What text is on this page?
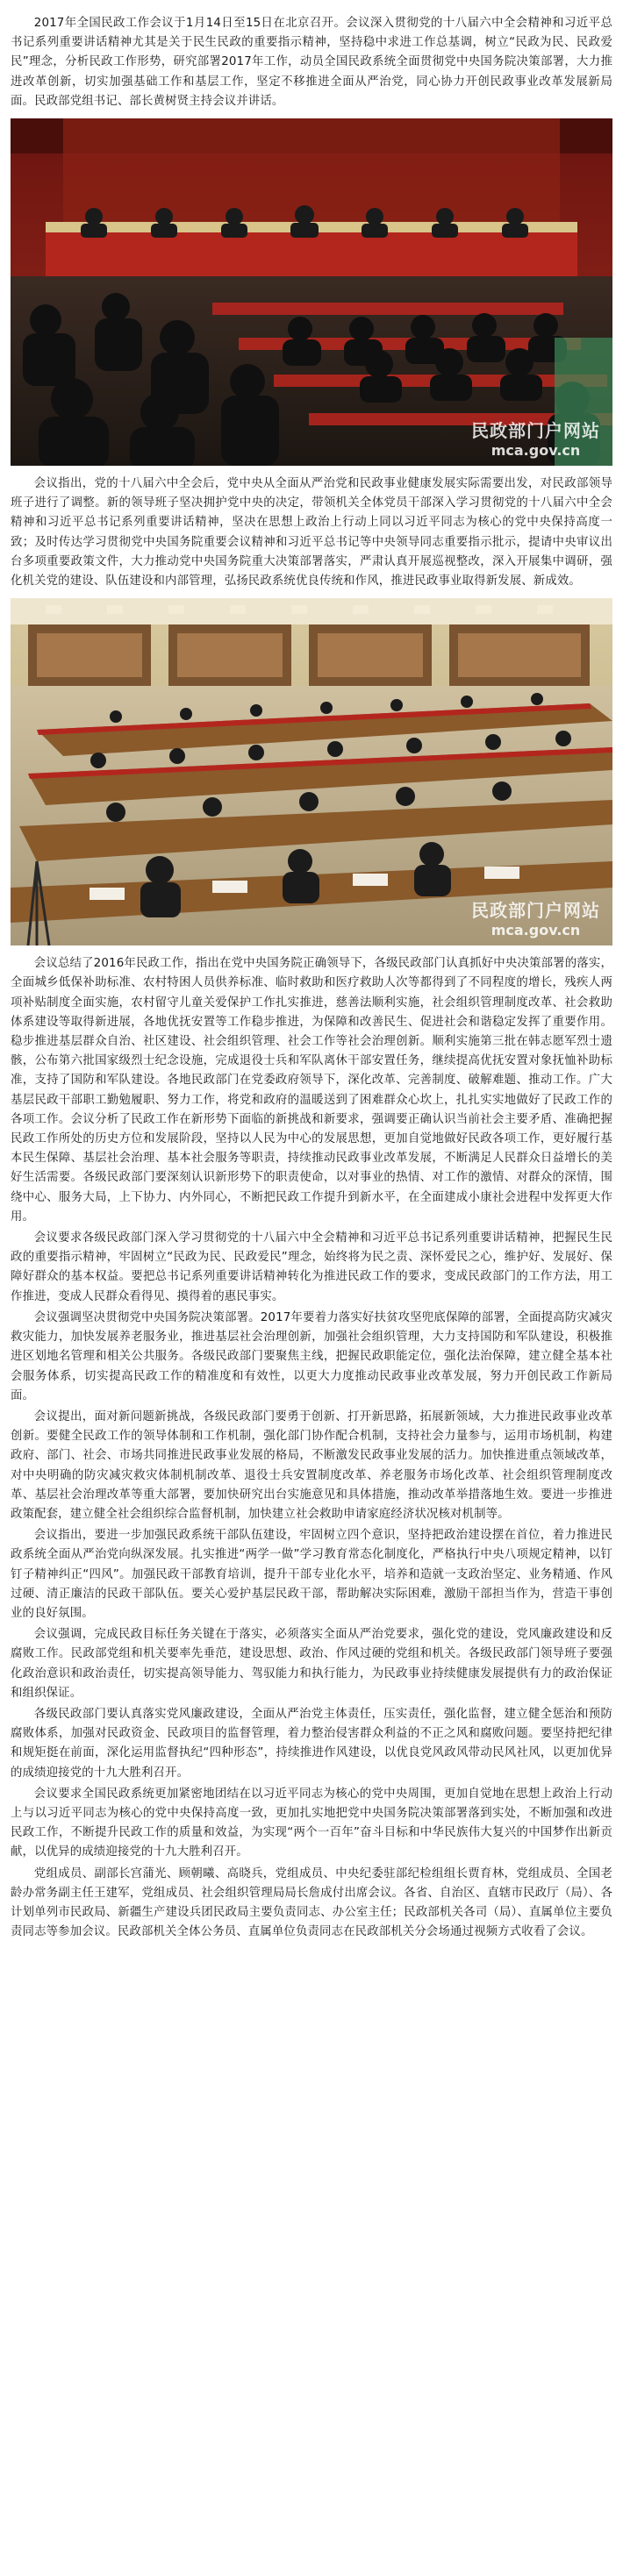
2017年全国民政工作会议于1月14日至15日在北京召开。会议深入贯彻党的十八届六中全会精神和习近平总书记系列重要讲话精神尤其是关于民生民政的重要指示精神，坚持稳中求进工作总基调，树立“民政为民、民政爱民”理念，分析民政工作形势，研究部署2017年工作，动员全国民政系统全面贯彻党中央国务院决策部署，大力推进改革创新，切实加强基础工作和基层工作，坚定不移推进全面从严治党，同心协力开创民政事业改革发展新局面。民政部党组书记、部长黄树贤主持会议并讲话。

民政部门户网站
mca.gov.cn

会议指出，党的十八届六中全会后，党中央从全面从严治党和民政事业健康发展实际需要出发，对民政部领导班子进行了调整。新的领导班子坚决拥护党中央的决定，带领机关全体党员干部深入学习贯彻党的十八届六中全会精神和习近平总书记系列重要讲话精神，坚决在思想上政治上行动上同以习近平同志为核心的党中央保持高度一致；及时传达学习贯彻党中央国务院重要会议精神和习近平总书记等中央领导同志重要指示批示，提请中央审议出台多项重要政策文件，大力推动党中央国务院重大决策部署落实，严肃认真开展巡视整改，深入开展集中调研，强化机关党的建设、队伍建设和内部管理，弘扬民政系统优良传统和作风，推进民政事业取得新发展、新成效。

民政部门户网站
mca.gov.cn

会议总结了2016年民政工作，指出在党中央国务院正确领导下，各级民政部门认真抓好中央决策部署的落实，全面城乡低保补助标准、农村特困人员供养标准、临时救助和医疗救助人次等都得到了不同程度的增长，残疾人两项补贴制度全面实施，农村留守儿童关爱保护工作扎实推进，慈善法顺利实施，社会组织管理制度改革、社会救助体系建设等取得新进展，各地优抚安置等工作稳步推进，为保障和改善民生、促进社会和谐稳定发挥了重要作用。稳步推进基层群众自治、社区建设、社会组织管理、社会工作等社会治理创新。顺利实施第三批在韩志愿军烈士遗骸，公布第六批国家级烈士纪念设施，完成退役士兵和军队离休干部安置任务，继续提高优抚安置对象抚恤补助标准，支持了国防和军队建设。各地民政部门在党委政府领导下，深化改革、完善制度、破解难题、推动工作。广大基层民政干部职工勤勉履职、努力工作，将党和政府的温暖送到了困难群众心坎上，扎扎实实地做好了民政工作的各项工作。会议分析了民政工作在新形势下面临的新挑战和新要求，强调要正确认识当前社会主要矛盾、准确把握民政工作所处的历史方位和发展阶段，坚持以人民为中心的发展思想，更加自觉地做好民政各项工作，更好履行基本民生保障、基层社会治理、基本社会服务等职责，持续推动民政事业改革发展，不断满足人民群众日益增长的美好生活需要。各级民政部门要深刻认识新形势下的职责使命，以对事业的热情、对工作的激情、对群众的深情，围绕中心、服务大局，上下协力、内外同心，不断把民政工作提升到新水平，在全面建成小康社会进程中发挥更大作用。

会议要求各级民政部门深入学习贯彻党的十八届六中全会精神和习近平总书记系列重要讲话精神，把握民生民政的重要指示精神，牢固树立“民政为民、民政爱民”理念，始终将为民之责、深怀爱民之心，维护好、发展好、保障好群众的基本权益。要把总书记系列重要讲话精神转化为推进民政工作的要求，变成民政部门的工作方法，用工作推进，变成人民群众看得见、摸得着的惠民事实。

会议强调坚决贯彻党中央国务院决策部署。2017年要着力落实好扶贫攻坚兜底保障的部署，全面提高防灾减灾救灾能力，加快发展养老服务业，推进基层社会治理创新，加强社会组织管理，大力支持国防和军队建设，积极推进区划地名管理和相关公共服务。各级民政部门要聚焦主线，把握民政职能定位，强化法治保障，建立健全基本社会服务体系，切实提高民政工作的精准度和有效性，以更大力度推动民政事业改革发展，努力开创民政工作新局面。

会议提出，面对新问题新挑战，各级民政部门要勇于创新、打开新思路，拓展新领域，大力推进民政事业改革创新。要健全民政工作的领导体制和工作机制，强化部门协作配合机制，支持社会力量参与，运用市场机制，构建政府、部门、社会、市场共同推进民政事业发展的格局，不断激发民政事业发展的活力。加快推进重点领域改革，对中央明确的防灾减灾救灾体制机制改革、退役士兵安置制度改革、养老服务市场化改革、社会组织管理制度改革、基层社会治理改革等重大部署，要加快研究出台实施意见和具体措施，推动改革举措落地生效。要进一步推进政策配套，建立健全社会组织综合监督机制，加快建立社会救助申请家庭经济状况核对机制等。

会议指出，要进一步加强民政系统干部队伍建设，牢固树立四个意识，坚持把政治建设摆在首位，着力推进民政系统全面从严治党向纵深发展。扎实推进“两学一做”学习教育常态化制度化，严格执行中央八项规定精神，以钉钉子精神纠正“四风”。加强民政干部教育培训，提升干部专业化水平，培养和造就一支政治坚定、业务精通、作风过硬、清正廉洁的民政干部队伍。要关心爱护基层民政干部，帮助解决实际困难，激励干部担当作为，营造干事创业的良好氛围。

会议强调，完成民政目标任务关键在于落实，必须落实全面从严治党要求，强化党的建设，党风廉政建设和反腐败工作。民政部党组和机关要率先垂范，建设思想、政治、作风过硬的党组和机关。各级民政部门领导班子要强化政治意识和政治责任，切实提高领导能力、驾驭能力和执行能力，为民政事业持续健康发展提供有力的政治保证和组织保证。

各级民政部门要认真落实党风廉政建设，全面从严治党主体责任，压实责任，强化监督，建立健全惩治和预防腐败体系，加强对民政资金、民政项目的监督管理，着力整治侵害群众利益的不正之风和腐败问题。要坚持把纪律和规矩挺在前面，深化运用监督执纪“四种形态”，持续推进作风建设，以优良党风政风带动民风社风，以更加优异的成绩迎接党的十九大胜利召开。

会议要求全国民政系统更加紧密地团结在以习近平同志为核心的党中央周围，更加自觉地在思想上政治上行动上与以习近平同志为核心的党中央保持高度一致，更加扎实地把党中央国务院决策部署落到实处，不断加强和改进民政工作，不断提升民政工作的质量和效益，为实现“两个一百年”奋斗目标和中华民族伟大复兴的中国梦作出新贡献，以优异的成绩迎接党的十九大胜利召开。

党组成员、副部长宫蒲光、顾朝曦、高晓兵，党组成员、中央纪委驻部纪检组组长贾育林，党组成员、全国老龄办常务副主任王建军，党组成员、社会组织管理局局长詹成付出席会议。各省、自治区、直辖市民政厅（局）、各计划单列市民政局、新疆生产建设兵团民政局主要负责同志、办公室主任；民政部机关各司（局）、直属单位主要负责同志等参加会议。民政部机关全体公务员、直属单位负责同志在民政部机关分会场通过视频方式收看了会议。
